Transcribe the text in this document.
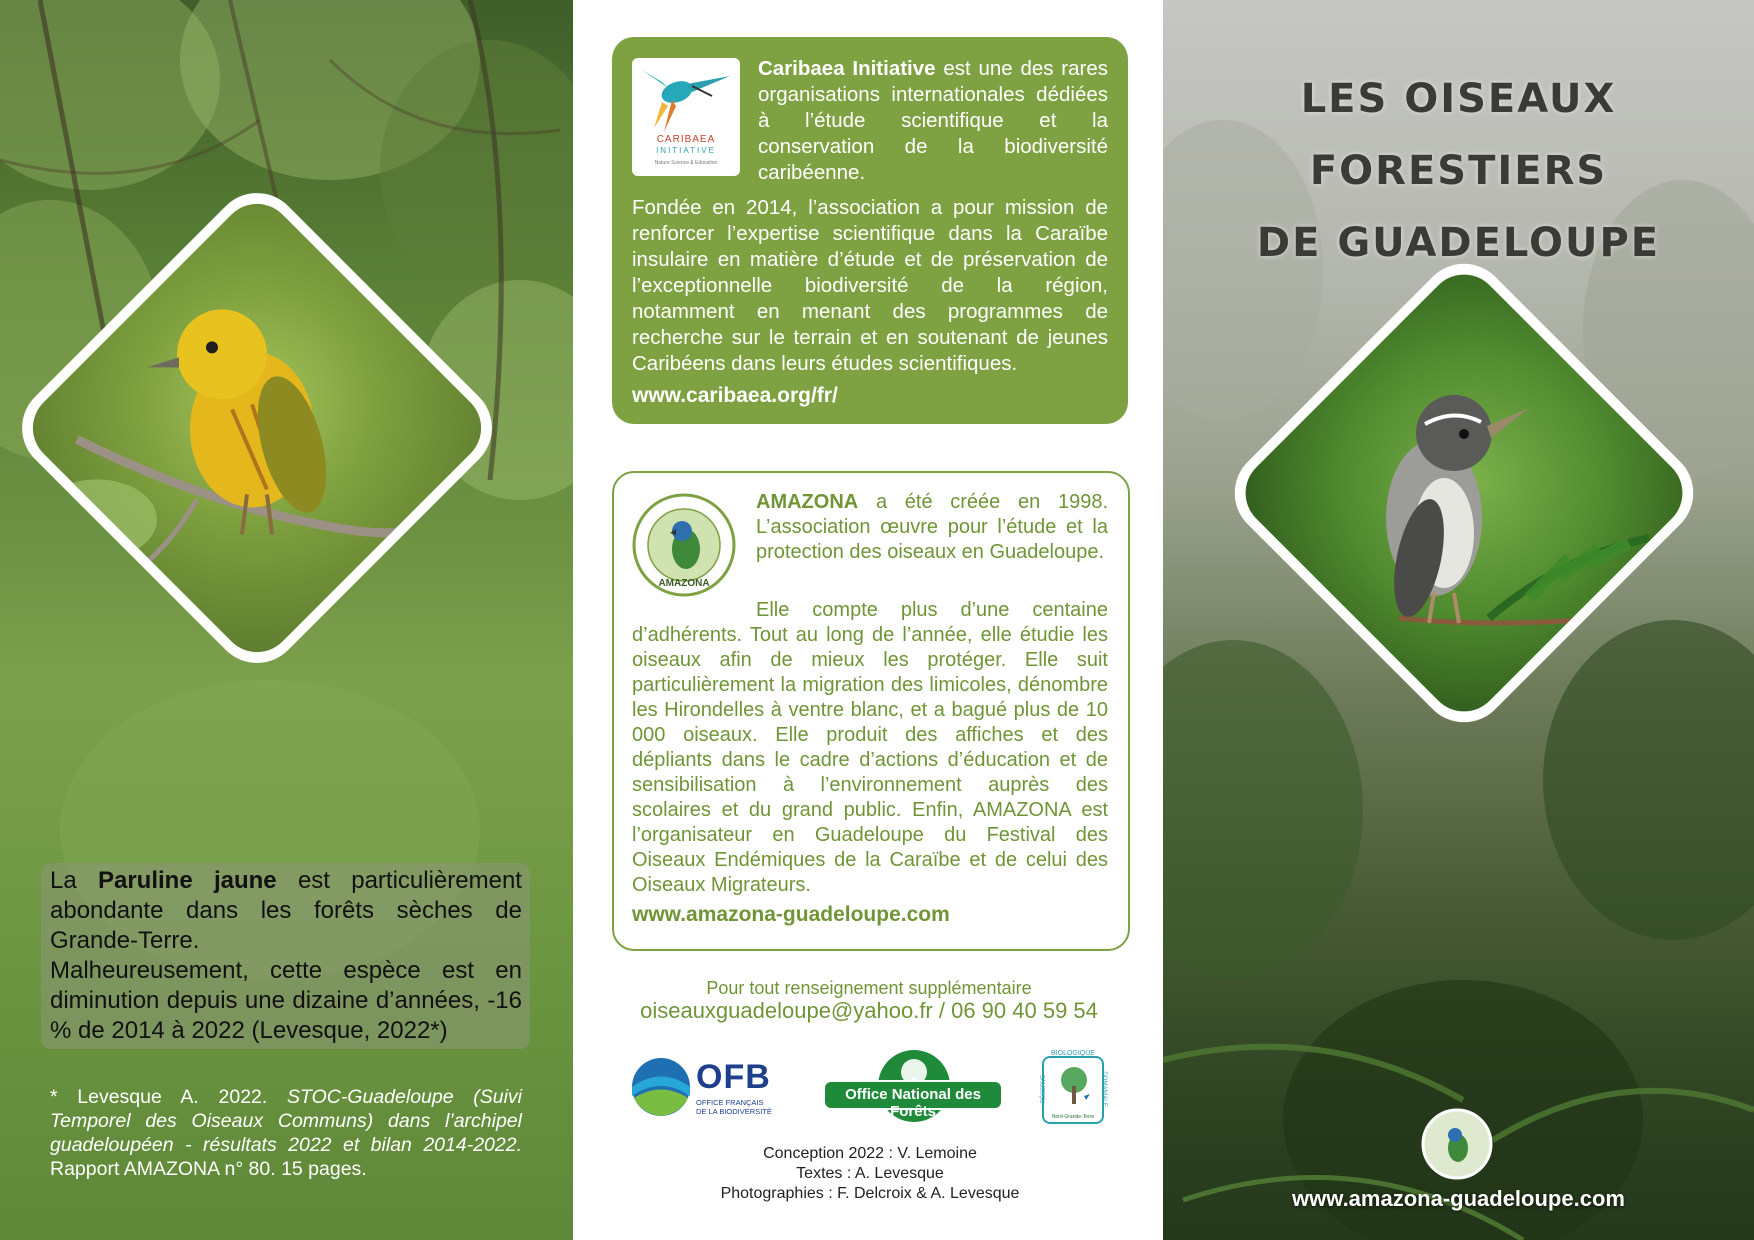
La Paruline jaune est particulièrement abondante dans les forêts sèches de Grande-Terre.
Malheureusement, cette espèce est en diminution depuis une dizaine d’années, -16 % de 2014 à 2022 (Levesque, 2022*)
* Levesque A. 2022. STOC-Guadeloupe (Suivi Temporel des Oiseaux Communs) dans l’archipel guadeloupéen - résultats 2022 et bilan 2014-2022. Rapport AMAZONA n° 80. 15 pages.
CARIBAEA
INITIATIVE
Nature Science & Education
Caribaea Initiative est une des rares organisations internationales dédiées à l’étude scientifique et la conservation de la biodiversité caribéenne.
Fondée en 2014, l’association a pour mission de renforcer l’expertise scientifique dans la Caraïbe insulaire en matière d’étude et de préservation de l’exceptionnelle biodiversité de la région, notamment en menant des programmes de recherche sur le terrain et en soutenant de jeunes Caribéens dans leurs études scientifiques.
www.caribaea.org/fr/
AMAZONA
AMAZONA a été créée en 1998. L’association œuvre pour l’étude et la protection des oiseaux en Guadeloupe.
Elle compte plus d’une centaine
d’adhérents. Tout au long de l’année, elle étudie les oiseaux afin de mieux les protéger. Elle suit particulièrement la migration des limicoles, dénombre les Hirondelles à ventre blanc, et a bagué plus de 10 000 oiseaux. Elle produit des affiches et des dépliants dans le cadre d’actions d’éducation et de sensibilisation à l’environnement auprès des scolaires et du grand public. Enfin, AMAZONA est l’organisateur en Guadeloupe du Festival des Oiseaux Endémiques de la Caraïbe et de celui des Oiseaux Migrateurs.
www.amazona-guadeloupe.com
Pour tout renseignement supplémentaire
oiseauxguadeloupe@yahoo.fr / 06 90 40 59 54
OFB
OFFICE FRANÇAIS
DE LA BIODIVERSITÉ
Office National des Forêts
BIOLOGIQUE
RÉSERVE	DOMANIALE
Nord-Grande-Terre
Conception 2022 : V. Lemoine
Textes : A. Levesque
Photographies : F. Delcroix & A. Levesque
LES OISEAUX
FORESTIERS
DE GUADELOUPE
www.amazona-guadeloupe.com
